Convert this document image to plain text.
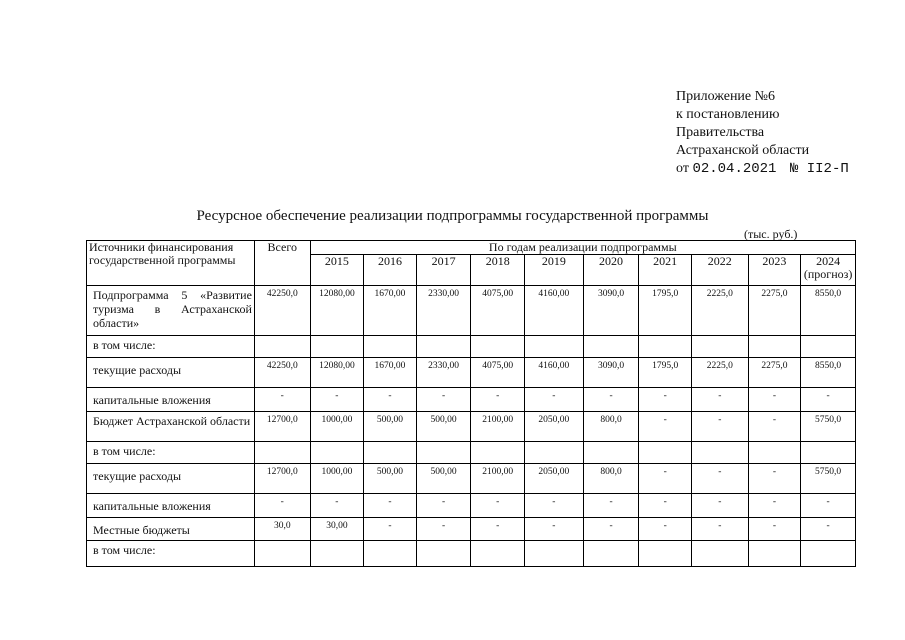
Приложение №6
к постановлению
Правительства
Астраханской области
от 02.04.2021 № II2-П
Ресурсное обеспечение реализации подпрограммы государственной программы
(тыс. руб.)
Источники финансирования государственной программы	Всего	По годам реализации подпрограммы									

		2015	2016	2017	2018	2019	2020	2021	2022	2023	2024
(прогноз)

Подпрограмма 5 «Развитие туризма в Астраханской области»	42250,0	12080,00	1670,00	2330,00	4075,00	4160,00	3090,0	1795,0	2225,0	2275,0	8550,0
в том числе:											
текущие расходы	42250,0	12080,00	1670,00	2330,00	4075,00	4160,00	3090,0	1795,0	2225,0	2275,0	8550,0
капитальные вложения	-	-	-	-	-	-	-	-	-	-	-
Бюджет Астраханской области	12700,0	1000,00	500,00	500,00	2100,00	2050,00	800,0	-	-	-	5750,0
в том числе:											
текущие расходы	12700,0	1000,00	500,00	500,00	2100,00	2050,00	800,0	-	-	-	5750,0
капитальные вложения	-	-	-	-	-	-	-	-	-	-	-
Местные бюджеты	30,0	30,00	-	-	-	-	-	-	-	-	-
в том числе:											
